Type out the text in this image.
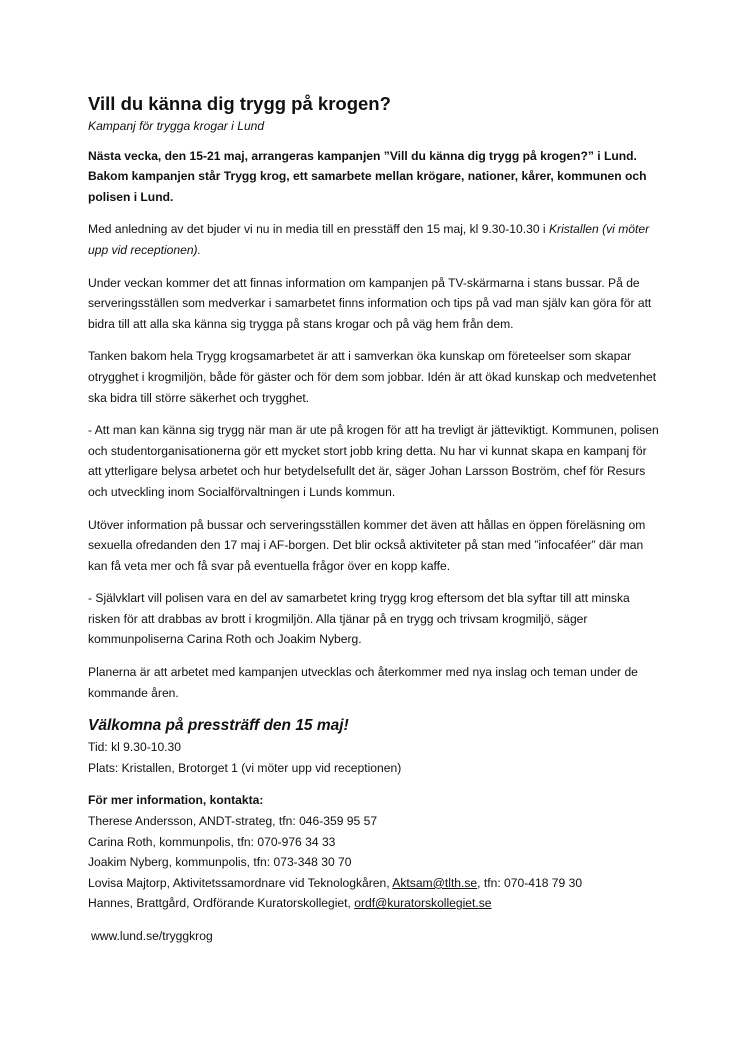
Vill du känna dig trygg på krogen?
Kampanj för trygga krogar i Lund

Nästa vecka, den 15-21 maj, arrangeras kampanjen ”Vill du känna dig trygg på krogen?” i Lund. Bakom kampanjen står Trygg krog, ett samarbete mellan krögare, nationer, kårer, kommunen och polisen i Lund.

Med anledning av det bjuder vi nu in media till en presstäff den 15 maj, kl 9.30-10.30 i Kristallen (vi möter upp vid receptionen).

Under veckan kommer det att finnas information om kampanjen på TV-skärmarna i stans bussar. På de serveringsställen som medverkar i samarbetet finns information och tips på vad man själv kan göra för att bidra till att alla ska känna sig trygga på stans krogar och på väg hem från dem.

Tanken bakom hela Trygg krogsamarbetet är att i samverkan öka kunskap om företeelser som skapar otrygghet i krogmiljön, både för gäster och för dem som jobbar. Idén är att ökad kunskap och medvetenhet ska bidra till större säkerhet och trygghet.

- Att man kan känna sig trygg när man är ute på krogen för att ha trevligt är jätteviktigt. Kommunen, polisen och studentorganisationerna gör ett mycket stort jobb kring detta. Nu har vi kunnat skapa en kampanj för att ytterligare belysa arbetet och hur betydelsefullt det är, säger Johan Larsson Boström, chef för Resurs och utveckling inom Socialförvaltningen i Lunds kommun.

Utöver information på bussar och serveringsställen kommer det även att hållas en öppen föreläsning om sexuella ofredanden den 17 maj i AF-borgen. Det blir också aktiviteter på stan med ”infocaféer” där man kan få veta mer och få svar på eventuella frågor över en kopp kaffe.

- Självklart vill polisen vara en del av samarbetet kring trygg krog eftersom det bla syftar till att minska risken för att drabbas av brott i krogmiljön. Alla tjänar på en trygg och trivsam krogmiljö, säger kommunpoliserna Carina Roth och Joakim Nyberg.

Planerna är att arbetet med kampanjen utvecklas och återkommer med nya inslag och teman under de kommande åren.

Välkomna på pressträff den 15 maj!
Tid: kl 9.30-10.30
Plats: Kristallen, Brotorget 1 (vi möter upp vid receptionen)
För mer information, kontakta:
Therese Andersson, ANDT-strateg, tfn: 046-359 95 57
Carina Roth, kommunpolis, tfn: 070-976 34 33
Joakim Nyberg, kommunpolis, tfn: 073-348 30 70
Lovisa Majtorp, Aktivitetssamordnare vid Teknologkåren, Aktsam@tlth.se, tfn: 070-418 79 30
Hannes, Brattgård, Ordförande Kuratorskollegiet, ordf@kuratorskollegiet.se
www.lund.se/tryggkrog
